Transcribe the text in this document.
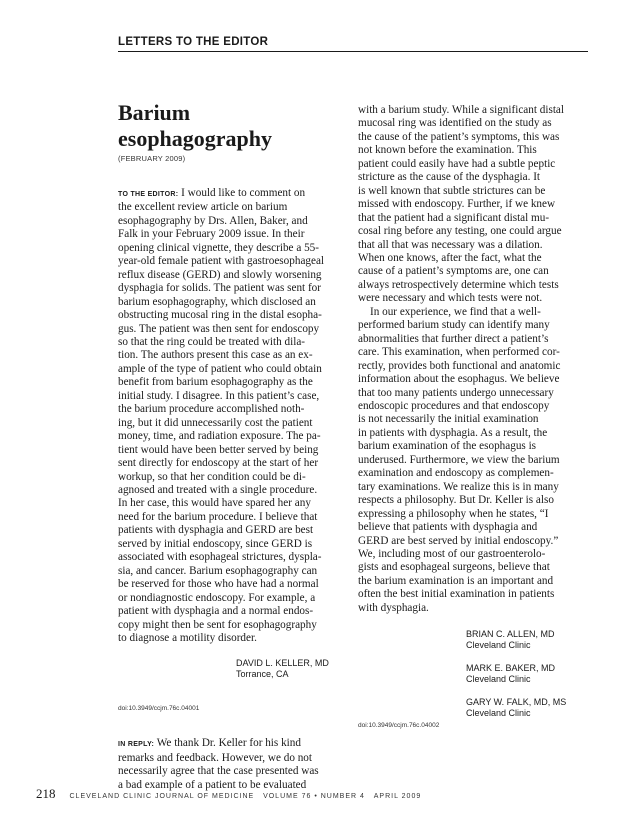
LETTERS TO THE EDITOR
Barium esophagography
(FEBRUARY 2009)

TO THE EDITOR: I would like to comment on
the excellent review article on barium
esophagography by Drs. Allen, Baker, and
Falk in your February 2009 issue. In their
opening clinical vignette, they describe a 55-
year-old female patient with gastroesophageal
reflux disease (GERD) and slowly worsening
dysphagia for solids. The patient was sent for
barium esophagography, which disclosed an
obstructing mucosal ring in the distal esopha-
gus. The patient was then sent for endoscopy
so that the ring could be treated with dila-
tion. The authors present this case as an ex-
ample of the type of patient who could obtain
benefit from barium esophagography as the
initial study. I disagree. In this patient’s case,
the barium procedure accomplished noth-
ing, but it did unnecessarily cost the patient
money, time, and radiation exposure. The pa-
tient would have been better served by being
sent directly for endoscopy at the start of her
workup, so that her condition could be di-
agnosed and treated with a single procedure.
In her case, this would have spared her any
need for the barium procedure. I believe that
patients with dysphagia and GERD are best
served by initial endoscopy, since GERD is
associated with esophageal strictures, dyspla-
sia, and cancer. Barium esophagography can
be reserved for those who have had a normal
or nondiagnostic endoscopy. For example, a
patient with dysphagia and a normal endos-
copy might then be sent for esophagography
to diagnose a motility disorder.

DAVID L. KELLER, MD
Torrance, CA
doi:10.3949/ccjm.76c.04001

IN REPLY: We thank Dr. Keller for his kind
remarks and feedback. However, we do not
necessarily agree that the case presented was
a bad example of a patient to be evaluated

with a barium study. While a significant distal
mucosal ring was identified on the study as
the cause of the patient’s symptoms, this was
not known before the examination. This
patient could easily have had a subtle peptic
stricture as the cause of the dysphagia. It
is well known that subtle strictures can be
missed with endoscopy. Further, if we knew
that the patient had a significant distal mu-
cosal ring before any testing, one could argue
that all that was necessary was a dilation.
When one knows, after the fact, what the
cause of a patient’s symptoms are, one can
always retrospectively determine which tests
were necessary and which tests were not.

In our experience, we find that a well-
performed barium study can identify many
abnormalities that further direct a patient’s
care. This examination, when performed cor-
rectly, provides both functional and anatomic
information about the esophagus. We believe
that too many patients undergo unnecessary
endoscopic procedures and that endoscopy
is not necessarily the initial examination
in patients with dysphagia. As a result, the
barium examination of the esophagus is
underused. Furthermore, we view the barium
examination and endoscopy as complemen-
tary examinations. We realize this is in many
respects a philosophy. But Dr. Keller is also
expressing a philosophy when he states, “I
believe that patients with dysphagia and
GERD are best served by initial endoscopy.”
We, including most of our gastroenterolo-
gists and esophageal surgeons, believe that
the barium examination is an important and
often the best initial examination in patients
with dysphagia.

BRIAN C. ALLEN, MD
Cleveland Clinic
MARK E. BAKER, MD
Cleveland Clinic
GARY W. FALK, MD, MS
Cleveland Clinic
doi:10.3949/ccjm.76c.04002
218 CLEVELAND CLINIC JOURNAL OF MEDICINE
VOLUME 76
•
NUMBER 4
APRIL 2009
